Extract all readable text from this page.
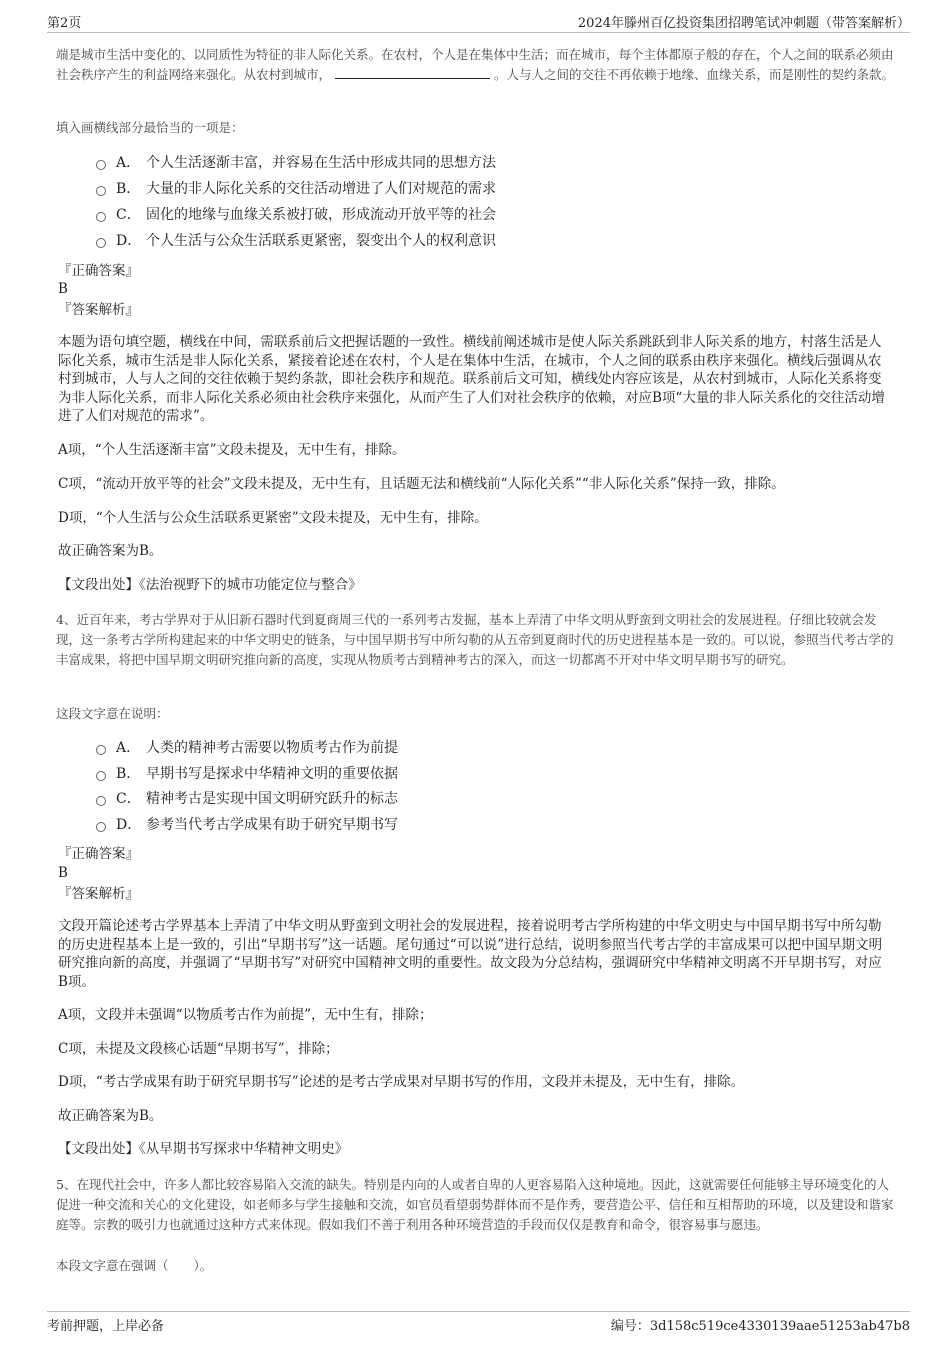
第2页	2024年滕州百亿投资集团招聘笔试冲刺题（带答案解析）
端是城市生活中变化的、以同质性为特征的非人际化关系。在农村，个人是在集体中生活；而在城市，每个主体都原子般的存在，个人之间的联系必须由社会秩序产生的利益网络来强化。从农村到城市，	。人与人之间的交往不再依赖于地缘、血缘关系，而是刚性的契约条款。
填入画横线部分最恰当的一项是：
A． 个人生活逐渐丰富，并容易在生活中形成共同的思想方法
B． 大量的非人际化关系的交往活动增进了人们对规范的需求
C． 固化的地缘与血缘关系被打破，形成流动开放平等的社会
D． 个人生活与公众生活联系更紧密，裂变出个人的权利意识
『正确答案』
B
『答案解析』
本题为语句填空题，横线在中间，需联系前后文把握话题的一致性。横线前阐述城市是使人际关系跳跃到非人际关系的地方，村落生活是人际化关系，城市生活是非人际化关系，紧接着论述在农村，个人是在集体中生活，在城市，个人之间的联系由秩序来强化。横线后强调从农村到城市，人与人之间的交往依赖于契约条款，即社会秩序和规范。联系前后文可知，横线处内容应该是，从农村到城市，人际化关系将变为非人际化关系，而非人际化关系必须由社会秩序来强化，从而产生了人们对社会秩序的依赖，对应B项“大量的非人际关系化的交往活动增进了人们对规范的需求”。
A项，“个人生活逐渐丰富”文段未提及，无中生有，排除。
C项，“流动开放平等的社会”文段未提及，无中生有，且话题无法和横线前“人际化关系”“非人际化关系”保持一致，排除。
D项，“个人生活与公众生活联系更紧密”文段未提及，无中生有，排除。
故正确答案为B。
【文段出处】《法治视野下的城市功能定位与整合》
4、近百年来，考古学界对于从旧新石器时代到夏商周三代的一系列考古发掘，基本上弄清了中华文明从野蛮到文明社会的发展进程。仔细比较就会发现，这一条考古学所构建起来的中华文明史的链条，与中国早期书写中所勾勒的从五帝到夏商时代的历史进程基本是一致的。可以说，参照当代考古学的丰富成果，将把中国早期文明研究推向新的高度，实现从物质考古到精神考古的深入，而这一切都离不开对中华文明早期书写的研究。
这段文字意在说明：
A． 人类的精神考古需要以物质考古作为前提
B． 早期书写是探求中华精神文明的重要依据
C． 精神考古是实现中国文明研究跃升的标志
D． 参考当代考古学成果有助于研究早期书写
『正确答案』
B
『答案解析』
文段开篇论述考古学界基本上弄清了中华文明从野蛮到文明社会的发展进程，接着说明考古学所构建的中华文明史与中国早期书写中所勾勒的历史进程基本上是一致的，引出“早期书写”这一话题。尾句通过“可以说”进行总结，说明参照当代考古学的丰富成果可以把中国早期文明研究推向新的高度，并强调了“早期书写”对研究中国精神文明的重要性。故文段为分总结构，强调研究中华精神文明离不开早期书写，对应B项。
A项，文段并未强调“以物质考古作为前提”，无中生有，排除；
C项，未提及文段核心话题“早期书写”，排除；
D项，“考古学成果有助于研究早期书写”论述的是考古学成果对早期书写的作用，文段并未提及，无中生有，排除。
故正确答案为B。
【文段出处】《从早期书写探求中华精神文明史》
5、在现代社会中，许多人都比较容易陷入交流的缺失。特别是内向的人或者自卑的人更容易陷入这种境地。因此，这就需要任何能够主导环境变化的人促进一种交流和关心的文化建设，如老师多与学生接触和交流，如官员看望弱势群体而不是作秀，要营造公平、信任和互相帮助的环境，以及建设和谐家庭等。宗教的吸引力也就通过这种方式来体现。假如我们不善于利用各种环境营造的手段而仅仅是教育和命令，很容易事与愿违。
本段文字意在强调（　　）。
考前押题，上岸必备	编号：3d158c519ce4330139aae51253ab47b8
